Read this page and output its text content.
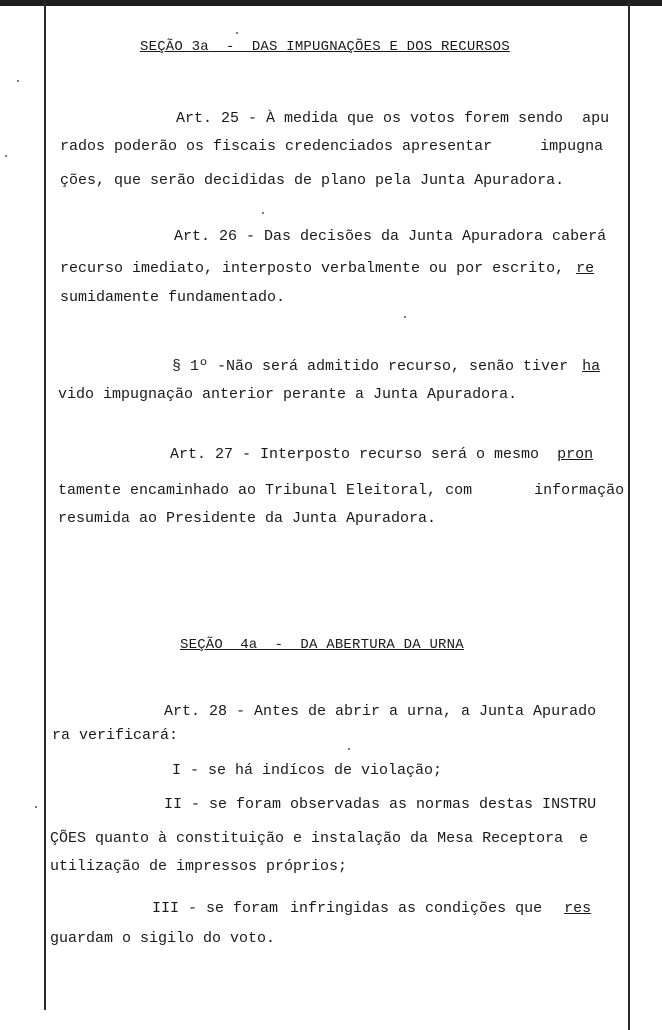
SEÇÃO 3a  -  DAS IMPUGNAÇÕES E DOS RECURSOS
Art. 25 - À medida que os votos forem sendo apu
rados poderão os fiscais credenciados apresentar	impugna
ções, que serão decididas de plano pela Junta Apuradora.
Art. 26 - Das decisões da Junta Apuradora caberá
recurso imediato, interposto verbalmente ou por escrito, re
sumidamente fundamentado.
§ 1º -Não será admitido recurso, senão tiver ha
vido impugnação anterior perante a Junta Apuradora.
Art. 27 - Interposto recurso será o mesmo pron
tamente encaminhado ao Tribunal Eleitoral, com	informação
resumida ao Presidente da Junta Apuradora.
SEÇÃO  4a  -  DA ABERTURA DA URNA
Art. 28 - Antes de abrir a urna, a Junta Apurado
ra verificará:
I - se há indícos de violação;
II - se foram observadas as normas destas INSTRU
ÇÕES quanto à constituição e instalação da Mesa Receptora e
utilização de impressos próprios;
III - se foram infringidas as condições que res
guardam o sigilo do voto.
